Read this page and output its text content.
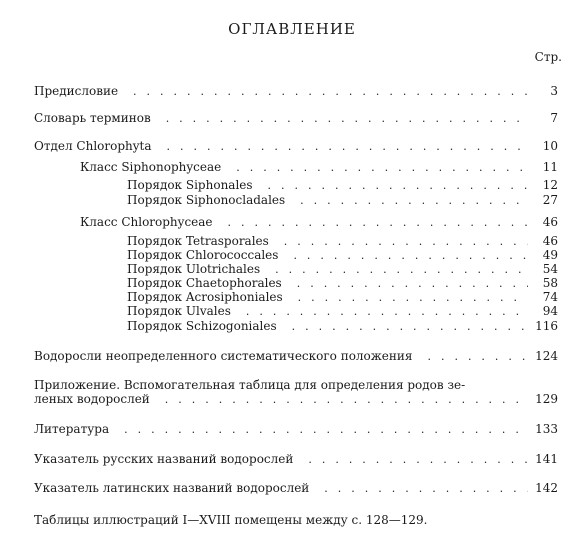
ОГЛАВЛЕНИЕ
Стр.
Предисловие . .	3
Словарь терминов . .	7
Отдел Chlorophyta . .	10
Класс Siphonophyceae . .	11
Порядок Siphonales . .	12
Порядок Siphonocladales . .	27
Класс Chlorophyceae . .	46
Порядок Tetrasporales . .	46
Порядок Chlorococcales . .	49
Порядок Ulotrichales . .	54
Порядок Chaetophorales . .	58
Порядок Acrosiphoniales . .	74
Порядок Ulvales . .	94
Порядок Schizogoniales . .	116
Водоросли неопределенного систематического положения . .	124
Приложение. Вспомогательная таблица для определения родов зе-
леных водорослей . .	129
Литература . .	133
Указатель русских названий водорослей . .	141
Указатель латинских названий водорослей . .	142
Таблицы иллюстраций I—XVIII помещены между с. 128—129.
